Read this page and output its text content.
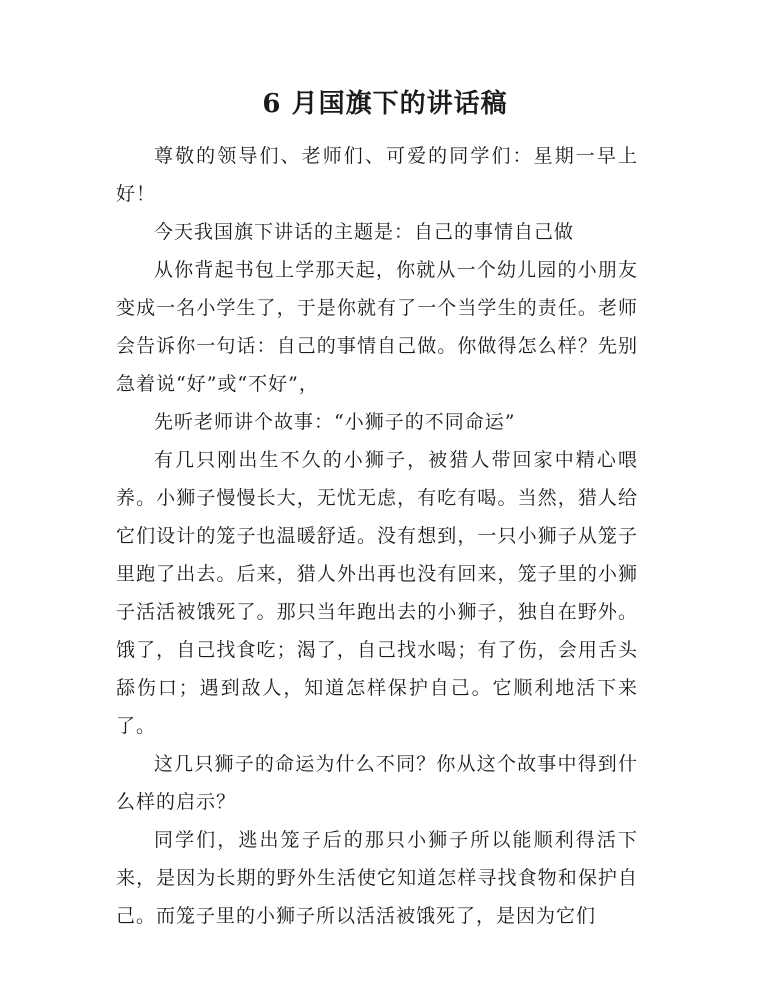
6 月国旗下的讲话稿

尊敬的领导们、老师们、可爱的同学们：星期一早上好！

今天我国旗下讲话的主题是：自己的事情自己做

从你背起书包上学那天起，你就从一个幼儿园的小朋友变成一名小学生了，于是你就有了一个当学生的责任。老师会告诉你一句话：自己的事情自己做。你做得怎么样？先别急着说“好”或“不好”，

先听老师讲个故事：“小狮子的不同命运”

有几只刚出生不久的小狮子，被猎人带回家中精心喂养。小狮子慢慢长大，无忧无虑，有吃有喝。当然，猎人给它们设计的笼子也温暖舒适。没有想到，一只小狮子从笼子里跑了出去。后来，猎人外出再也没有回来，笼子里的小狮子活活被饿死了。那只当年跑出去的小狮子，独自在野外。饿了，自己找食吃；渴了，自己找水喝；有了伤，会用舌头舔伤口；遇到敌人，知道怎样保护自己。它顺利地活下来了。

这几只狮子的命运为什么不同？你从这个故事中得到什么样的启示？

同学们，逃出笼子后的那只小狮子所以能顺利得活下来，是因为长期的野外生活使它知道怎样寻找食物和保护自己。而笼子里的小狮子所以活活被饿死了，是因为它们
